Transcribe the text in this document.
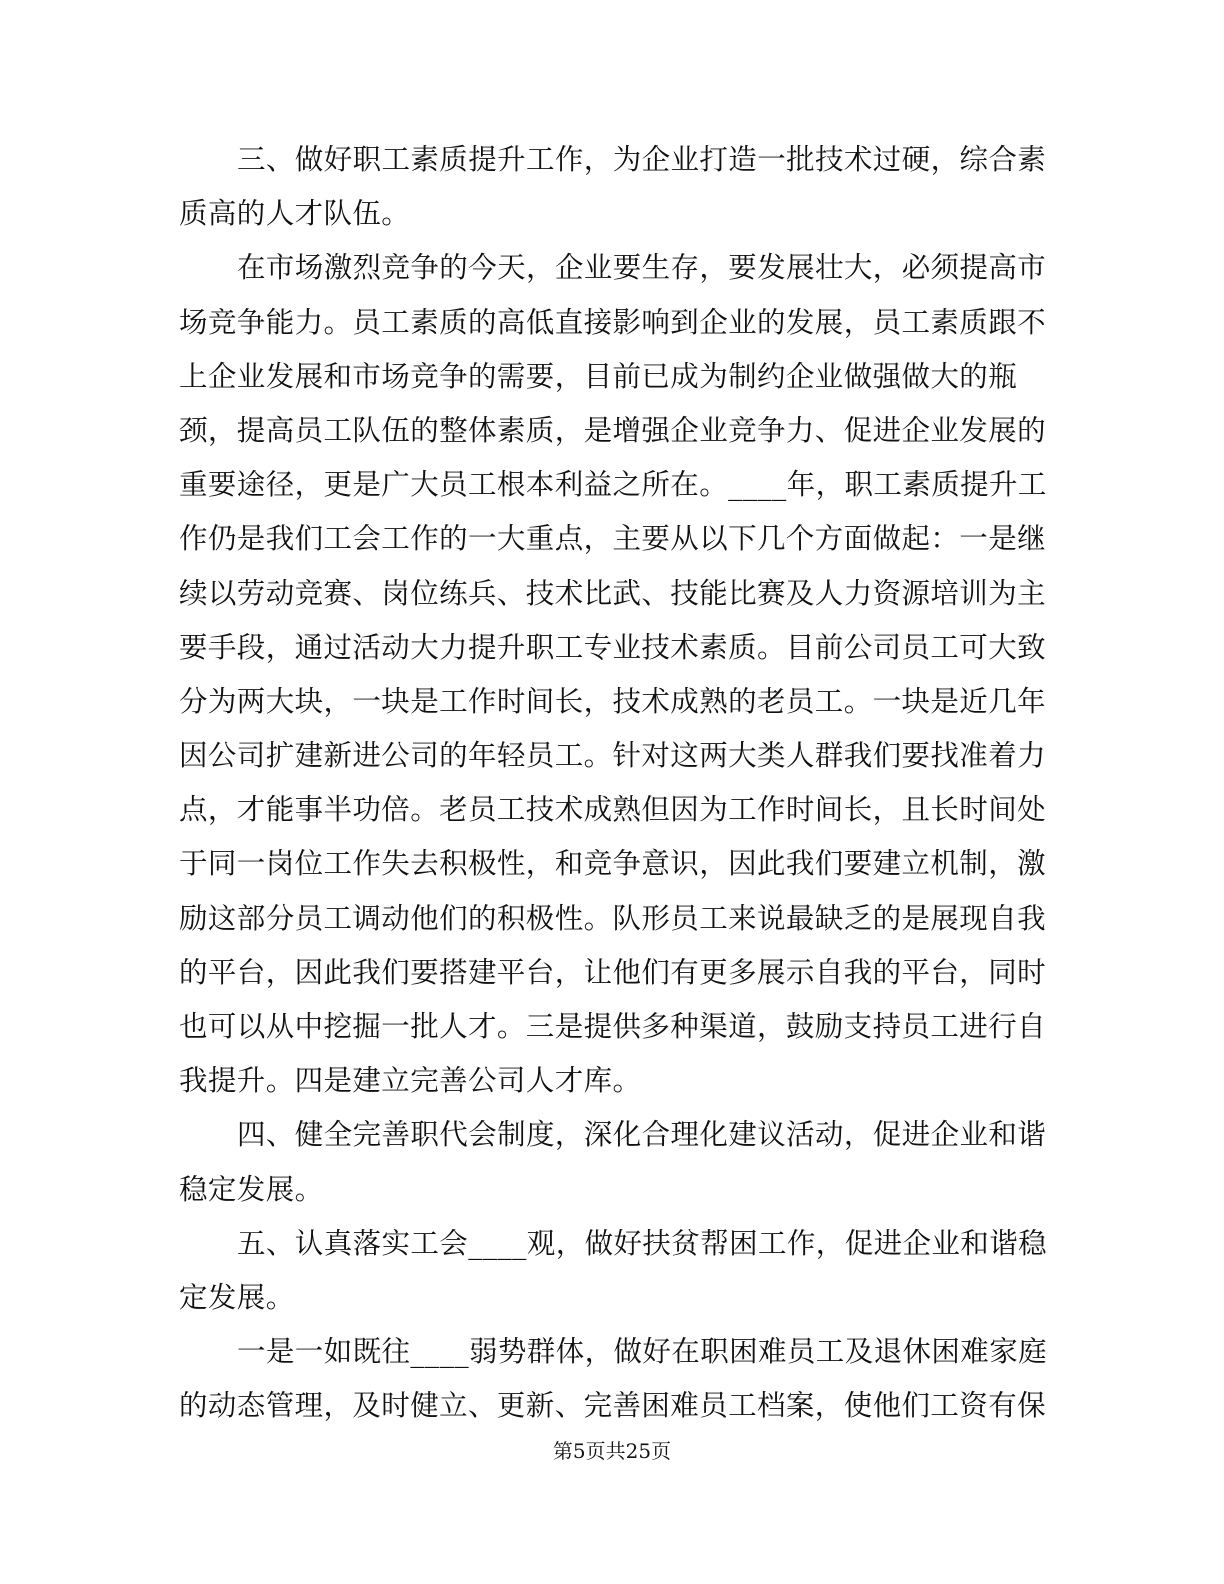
三、做好职工素质提升工作，为企业打造一批技术过硬，综合素
质高的人才队伍。
在市场激烈竞争的今天，企业要生存，要发展壮大，必须提高市
场竞争能力。员工素质的高低直接影响到企业的发展，员工素质跟不
上企业发展和市场竞争的需要，目前已成为制约企业做强做大的瓶
颈，提高员工队伍的整体素质，是增强企业竞争力、促进企业发展的
重要途径，更是广大员工根本利益之所在。____年，职工素质提升工
作仍是我们工会工作的一大重点，主要从以下几个方面做起：一是继
续以劳动竞赛、岗位练兵、技术比武、技能比赛及人力资源培训为主
要手段，通过活动大力提升职工专业技术素质。目前公司员工可大致
分为两大块，一块是工作时间长，技术成熟的老员工。一块是近几年
因公司扩建新进公司的年轻员工。针对这两大类人群我们要找准着力
点，才能事半功倍。老员工技术成熟但因为工作时间长，且长时间处
于同一岗位工作失去积极性，和竞争意识，因此我们要建立机制，激
励这部分员工调动他们的积极性。队形员工来说最缺乏的是展现自我
的平台，因此我们要搭建平台，让他们有更多展示自我的平台，同时
也可以从中挖掘一批人才。三是提供多种渠道，鼓励支持员工进行自
我提升。四是建立完善公司人才库。
四、健全完善职代会制度，深化合理化建议活动，促进企业和谐
稳定发展。
五、认真落实工会____观，做好扶贫帮困工作，促进企业和谐稳
定发展。
一是一如既往____弱势群体，做好在职困难员工及退休困难家庭
的动态管理，及时健立、更新、完善困难员工档案，使他们工资有保
第5页共25页
